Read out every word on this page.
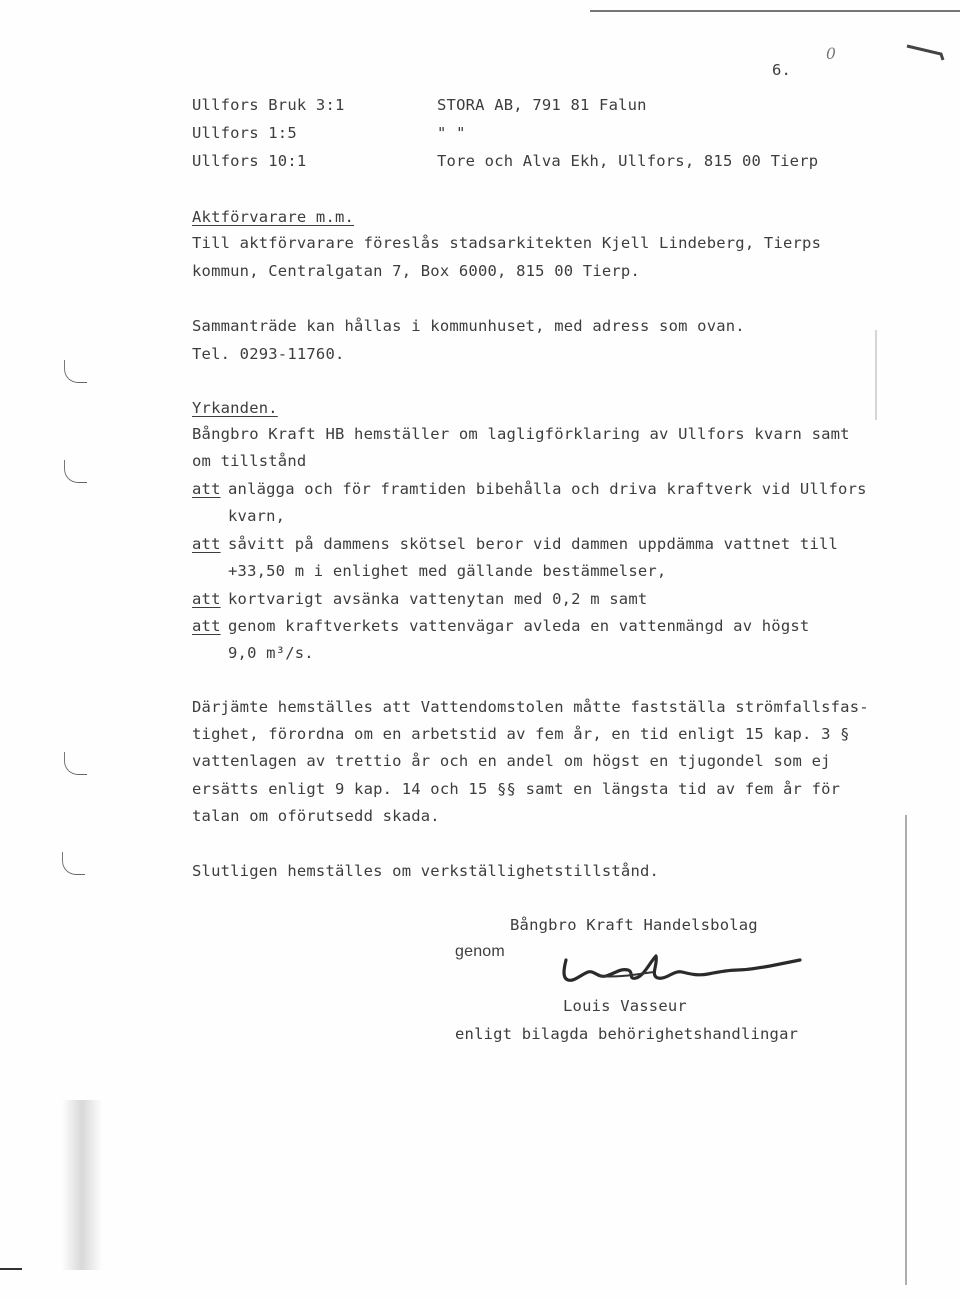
6.
0
Ullfors Bruk 3:1	STORA AB, 791 81 Falun
Ullfors 1:5	" "
Ullfors 10:1	Tore och Alva Ekh, Ullfors, 815 00 Tierp
Aktförvarare m.m.
Till aktförvarare föreslås stadsarkitekten Kjell Lindeberg, Tierps
kommun, Centralgatan 7, Box 6000, 815 00 Tierp.
Sammanträde kan hållas i kommunhuset, med adress som ovan.
Tel. 0293-11760.
Yrkanden.
Bångbro Kraft HB hemställer om lagligförklaring av Ullfors kvarn samt
om tillstånd
att anlägga och för framtiden bibehålla och driva kraftverk vid Ullfors
kvarn,
att såvitt på dammens skötsel beror vid dammen uppdämma vattnet till
+33,50 m i enlighet med gällande bestämmelser,
att kortvarigt avsänka vattenytan med 0,2 m samt
att genom kraftverkets vattenvägar avleda en vattenmängd av högst
9,0 m³/s.
Därjämte hemställes att Vattendomstolen måtte fastställa strömfallsfas-
tighet, förordna om en arbetstid av fem år, en tid enligt 15 kap. 3 §
vattenlagen av trettio år och en andel om högst en tjugondel som ej
ersätts enligt 9 kap. 14 och 15 §§ samt en längsta tid av fem år för
talan om oförutsedd skada.
Slutligen hemställes om verkställighetstillstånd.
Bångbro Kraft Handelsbolag
genom
Louis Vasseur
enligt bilagda behörighetshandlingar
